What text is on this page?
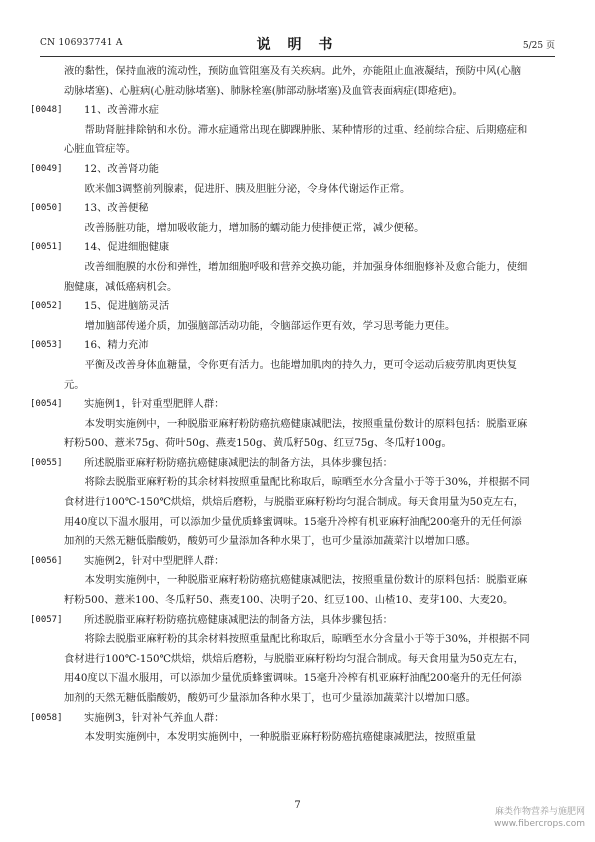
CN 106937741 A	说 明 书	5/25 页

液的黏性，保持血液的流动性，预防血管阻塞及有关疾病。此外，亦能阻止血液凝结，预防中风(心脑动脉堵塞)、心脏病(心脏动脉堵塞)、肺脉栓塞(肺部动脉堵塞)及血管表面病症(即疮疤)。

[0048]	11、改善滞水症

帮助肾脏排除钠和水份。滞水症通常出现在脚踝肿胀、某种情形的过重、经前综合症、后期癌症和心脏血管症等。

[0049]	12、改善肾功能

欧米伽3调整前列腺素，促进肝、胰及胆脏分泌，令身体代谢运作正常。

[0050]	13、改善便秘

改善肠脏功能，增加吸收能力，增加肠的蠕动能力使排便正常，减少便秘。

[0051]	14、促进细胞健康

改善细胞膜的水份和弹性，增加细胞呼吸和营养交换功能，并加强身体细胞修补及愈合能力，使细胞健康，减低癌病机会。

[0052]	15、促进脑筋灵活

增加脑部传递介质，加强脑部活动功能，令脑部运作更有效，学习思考能力更佳。

[0053]	16、精力充沛

平衡及改善身体血糖量，令你更有活力。也能增加肌肉的持久力，更可令运动后疲劳肌肉更快复元。

[0054]	实施例1，针对重型肥胖人群：

本发明实施例中，一种脱脂亚麻籽粉防癌抗癌健康减肥法，按照重量份数计的原料包括：脱脂亚麻籽粉500、薏米75g、荷叶50g、燕麦150g、黄瓜籽50g、红豆75g、冬瓜籽100g。

[0055]	所述脱脂亚麻籽粉防癌抗癌健康减肥法的制备方法，具体步骤包括：

将除去脱脂亚麻籽粉的其余材料按照重量配比称取后，晾晒至水分含量小于等于30%，并根据不同食材进行100℃-150℃烘焙，烘焙后磨粉，与脱脂亚麻籽粉均匀混合制成。每天食用量为50克左右，用40度以下温水服用，可以添加少量优质蜂蜜调味。15毫升冷榨有机亚麻籽油配200毫升的无任何添加剂的天然无糖低脂酸奶，酸奶可少量添加各种水果丁，也可少量添加蔬菜汁以增加口感。

[0056]	实施例2，针对中型肥胖人群：

本发明实施例中，一种脱脂亚麻籽粉防癌抗癌健康减肥法，按照重量份数计的原料包括：脱脂亚麻籽粉500、薏米100、冬瓜籽50、燕麦100、决明子20、红豆100、山楂10、麦芽100、大麦20。

[0057]	所述脱脂亚麻籽粉防癌抗癌健康减肥法的制备方法，具体步骤包括：

将除去脱脂亚麻籽粉的其余材料按照重量配比称取后，晾晒至水分含量小于等于30%，并根据不同食材进行100℃-150℃烘焙，烘焙后磨粉，与脱脂亚麻籽粉均匀混合制成。每天食用量为50克左右，用40度以下温水服用，可以添加少量优质蜂蜜调味。15毫升冷榨有机亚麻籽油配200毫升的无任何添加剂的天然无糖低脂酸奶，酸奶可少量添加各种水果丁，也可少量添加蔬菜汁以增加口感。

[0058]	实施例3，针对补气养血人群：

本发明实施例中，本发明实施例中，一种脱脂亚麻籽粉防癌抗癌健康减肥法，按照重量

7
麻类作物营养与施肥网
www.fibercrops.com
